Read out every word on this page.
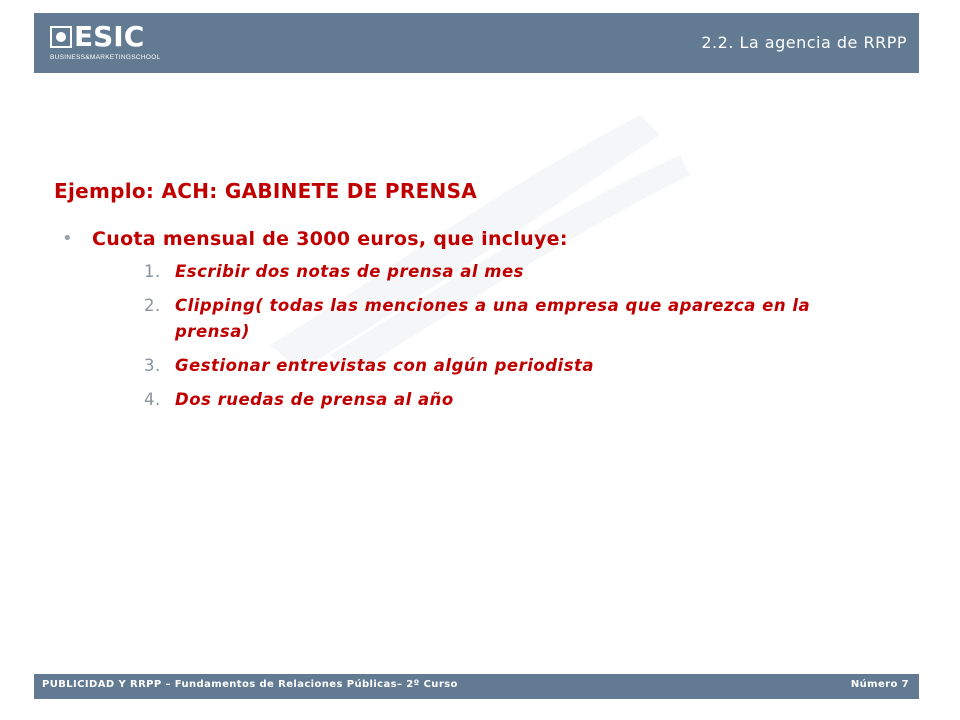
ESIC
BUSINESS&MARKETINGSCHOOL
2.2. La agencia de RRPP
Ejemplo: ACH: GABINETE DE PRENSA
• Cuota mensual de 3000 euros, que incluye:
1. Escribir dos notas de prensa al mes
2. Clipping( todas las menciones a una empresa que aparezca en la prensa)
3. Gestionar entrevistas con algún periodista
4. Dos ruedas de prensa al año
PUBLICIDAD Y RRPP – Fundamentos de Relaciones Públicas– 2º Curso	Número 7
